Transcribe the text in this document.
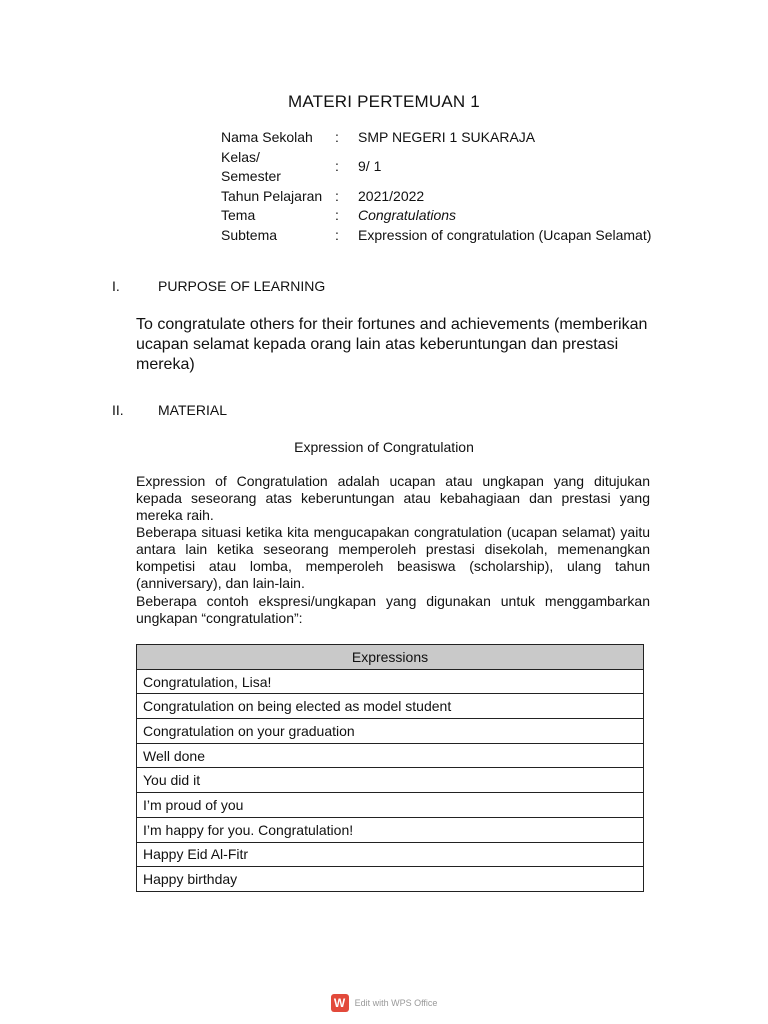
MATERI PERTEMUAN 1
Nama Sekolah	:	SMP NEGERI 1 SUKARAJA
Kelas/
Semester
:	9/ 1
Tahun Pelajaran :	2021/2022
Tema	:	Congratulations
Subtema	:	Expression of congratulation (Ucapan Selamat)
I.	PURPOSE OF LEARNING
To congratulate others for their fortunes and achievements (memberikan ucapan selamat kepada orang lain atas keberuntungan dan prestasi mereka)
II. MATERIAL
Expression of Congratulation
Expression of Congratulation adalah ucapan atau ungkapan yang ditujukan kepada seseorang atas keberuntungan atau kebahagiaan dan prestasi yang mereka raih.
Beberapa situasi ketika kita mengucapakan congratulation (ucapan selamat) yaitu antara lain ketika seseorang memperoleh prestasi disekolah, memenangkan kompetisi atau lomba, memperoleh beasiswa (scholarship), ulang tahun (anniversary), dan lain-lain.
Beberapa contoh ekspresi/ungkapan yang digunakan untuk menggambarkan ungkapan “congratulation”:
Expressions
Congratulation, Lisa!
Congratulation on being elected as model student
Congratulation on your graduation
Well done
You did it
I’m proud of you
I’m happy for you. Congratulation!
Happy Eid Al-Fitr
Happy birthday
W	Edit with WPS Office
